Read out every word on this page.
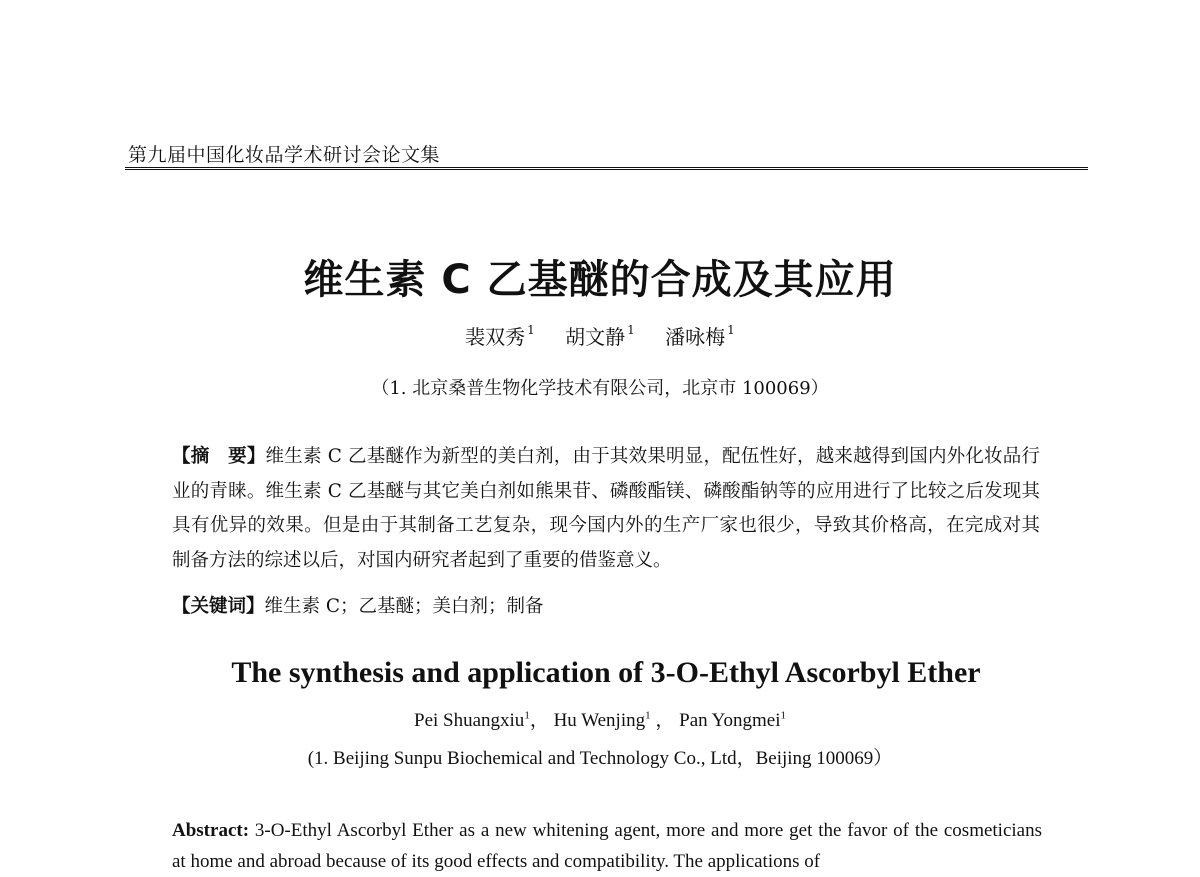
第九届中国化妆品学术研讨会论文集
维生素 C 乙基醚的合成及其应用
裴双秀 $^1$ 胡文静 $^1$ 潘咏梅 $^1$
（1. 北京桑普生物化学技术有限公司，北京市 100069）
【摘　要】维生素 C 乙基醚作为新型的美白剂，由于其效果明显，配伍性好，越来越得到国内外化妆品行业的青睐。维生素 C 乙基醚与其它美白剂如熊果苷、磷酸酯镁、磷酸酯钠等的应用进行了比较之后发现其具有优异的效果。但是由于其制备工艺复杂，现今国内外的生产厂家也很少，导致其价格高，在完成对其制备方法的综述以后，对国内研究者起到了重要的借鉴意义。
【关键词】维生素 C；乙基醚；美白剂；制备
The synthesis and application of 3-O-Ethyl Ascorbyl Ether
Pei Shuangxiu$^1$， Hu Wenjing$^1$ ， Pan Yongmei$^1$
(1. Beijing Sunpu Biochemical and Technology Co., Ltd，Beijing 100069）
Abstract: 3-O-Ethyl Ascorbyl Ether as a new whitening agent, more and more get the favor of the cosmeticians at home and abroad because of its good effects and compatibility. The applications of
